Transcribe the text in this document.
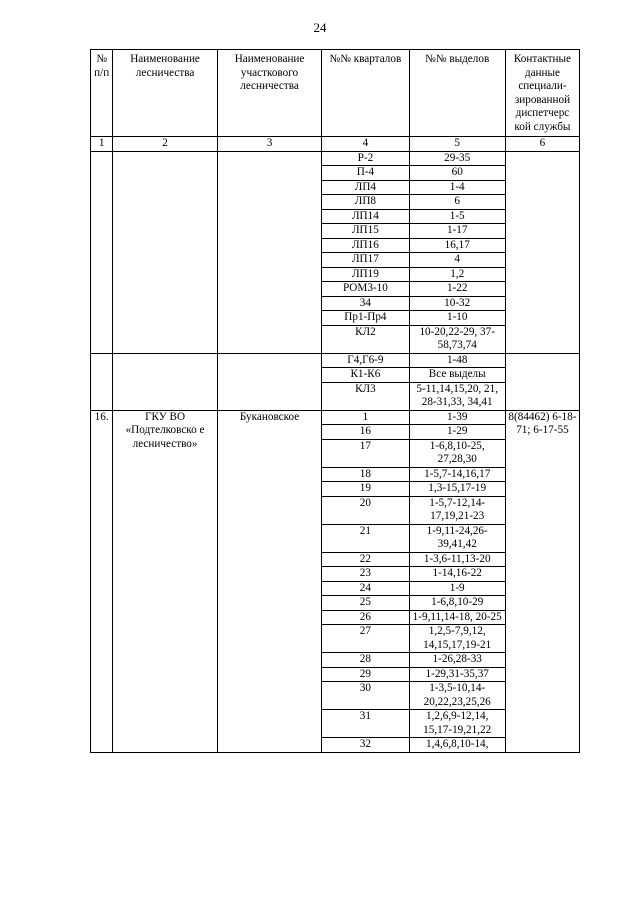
24
№ п/п	Наименование лесничества	Наименование участкового лесничества	№№ кварталов	№№ выделов	Контактные данные специали-зированной диспетчерс кой службы
1	2	3	4	5	6
			Р-2	29-35	
			П-4	60	
			ЛП4	1-4	
			ЛП8	6	
			ЛП14	1-5	
			ЛП15	1-17	
			ЛП16	16,17	
			ЛП17	4	
			ЛП19	1,2	
			РОМ3-10	1-22	
			34	10-32	
			Пр1-Пр4	1-10	
			КЛ2	10-20,22-29, 37-58,73,74	
			Г4,Г6-9	1-48	
			К1-К6	Все выделы	
			КЛ3	5-11,14,15,20, 21, 28-31,33, 34,41	
16.	ГКУ ВО «Подтелковско е лесничество»	Букановское	1	1-39	8(84462) 6-18-71; 6-17-55
			16	1-29	
			17	1-6,8,10-25, 27,28,30	
			18	1-5,7-14,16,17	
			19	1,3-15,17-19	
			20	1-5,7-12,14- 17,19,21-23	
			21	1-9,11-24,26- 39,41,42	
			22	1-3,6-11,13-20	
			23	1-14,16-22	
			24	1-9	
			25	1-6,8,10-29	
			26	1-9,11,14-18, 20-25	
			27	1,2,5-7,9,12, 14,15,17,19-21	
			28	1-26,28-33	
			29	1-29,31-35,37	
			30	1-3,5-10,14- 20,22,23,25,26	
			31	1,2,6,9-12,14, 15,17-19,21,22	
			32	1,4,6,8,10-14,	
